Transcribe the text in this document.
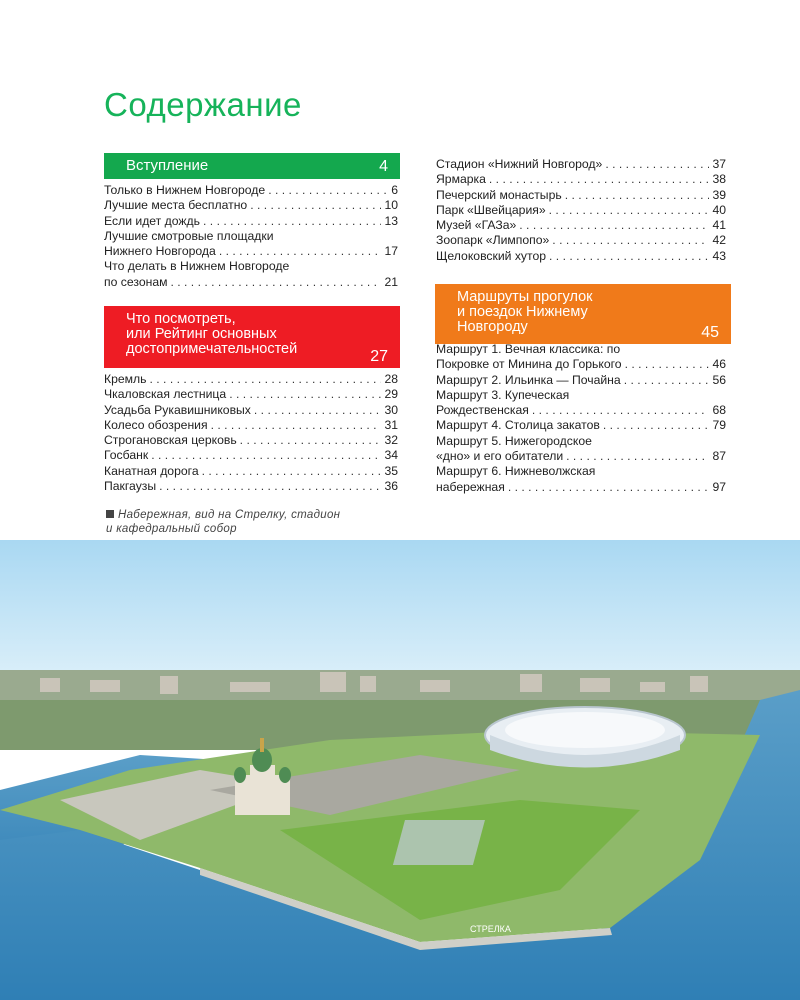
Содержание
Вступление	4
Только в Нижнем Новгороде . . .	6
Лучшие места бесплатно . . .	10
Если идет дождь . . .	13
Лучшие смотровые площадки
Нижнего Новгорода . . .	17
Что делать в Нижнем Новгороде
по сезонам . . .	21
Что посмотреть,
или Рейтинг основных
достопримечательностей	27
Кремль . . .	28
Чкаловская лестница . . .	29
Усадьба Рукавишниковых . . .	30
Колесо обозрения . . .	31
Строгановская церковь . . .	32
Госбанк . . .	34
Канатная дорога . . .	35
Пакгаузы . . .	36
Стадион «Нижний Новгород» . . .	37
Ярмарка . . .	38
Печерский монастырь . . .	39
Парк «Швейцария» . . .	40
Музей «ГАЗа» . . .	41
Зоопарк «Лимпопо» . . .	42
Щелоковский хутор . . .	43
Маршруты прогулок
и поездок Нижнему
Новгороду	45
Маршрут 1. Вечная классика: по
Покровке от Минина до Горького . . .	46
Маршрут 2. Ильинка — Почайна . . .	56
Маршрут 3. Купеческая
Рождественская . . .	68
Маршрут 4. Столица закатов . . .	79
Маршрут 5. Нижегородское
«дно» и его обитатели . . .	87
Маршрут 6. Нижневолжская
набережная . . .	97
Набережная, вид на Стрелку, стадион
и кафедральный собор
СТРЕЛКА
